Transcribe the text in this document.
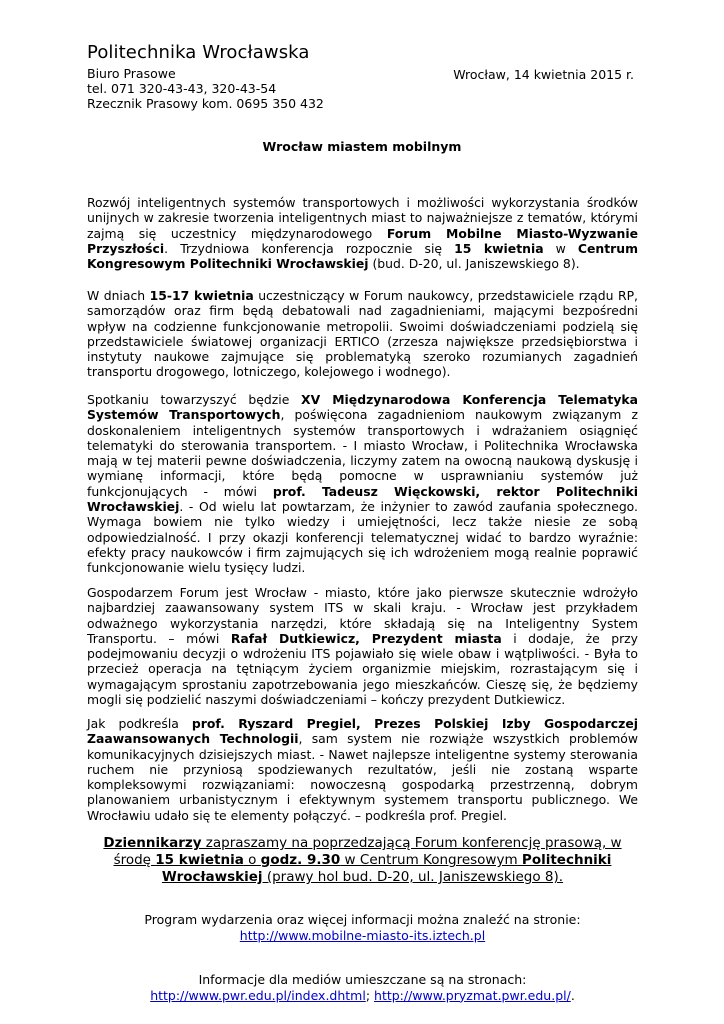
Politechnika Wrocławska
Biuro Prasowe
tel. 071 320-43-43, 320-43-54
Rzecznik Prasowy kom. 0695 350 432
Wrocław, 14 kwietnia 2015 r.
Wrocław miastem mobilnym
Rozwój inteligentnych systemów transportowych i możliwości wykorzystania środków unijnych w zakresie tworzenia inteligentnych miast to najważniejsze z tematów, którymi zajmą się uczestnicy międzynarodowego Forum Mobilne Miasto-Wyzwanie Przyszłości. Trzydniowa konferencja rozpocznie się 15 kwietnia w Centrum Kongresowym Politechniki Wrocławskiej (bud. D-20, ul. Janiszewskiego 8).
W dniach 15-17 kwietnia uczestniczący w Forum naukowcy, przedstawiciele rządu RP, samorządów oraz firm będą debatowali nad zagadnieniami, mającymi bezpośredni wpływ na codzienne funkcjonowanie metropolii. Swoimi doświadczeniami podzielą się przedstawiciele światowej organizacji ERTICO (zrzesza największe przedsiębiorstwa i instytuty naukowe zajmujące się problematyką szeroko rozumianych zagadnień transportu drogowego, lotniczego, kolejowego i wodnego).
Spotkaniu towarzyszyć będzie XV Międzynarodowa Konferencja Telematyka Systemów Transportowych, poświęcona zagadnieniom naukowym związanym z doskonaleniem inteligentnych systemów transportowych i wdrażaniem osiągnięć telematyki do sterowania transportem. - I miasto Wrocław, i Politechnika Wrocławska mają w tej materii pewne doświadczenia, liczymy zatem na owocną naukową dyskusję i wymianę informacji, które będą pomocne w usprawnianiu systemów już funkcjonujących - mówi prof. Tadeusz Więckowski, rektor Politechniki Wrocławskiej. - Od wielu lat powtarzam, że inżynier to zawód zaufania społecznego. Wymaga bowiem nie tylko wiedzy i umiejętności, lecz także niesie ze sobą odpowiedzialność. I przy okazji konferencji telematycznej widać to bardzo wyraźnie: efekty pracy naukowców i firm zajmujących się ich wdrożeniem mogą realnie poprawić funkcjonowanie wielu tysięcy ludzi.
Gospodarzem Forum jest Wrocław - miasto, które jako pierwsze skutecznie wdrożyło najbardziej zaawansowany system ITS w skali kraju. - Wrocław jest przykładem odważnego wykorzystania narzędzi, które składają się na Inteligentny System Transportu. – mówi Rafał Dutkiewicz, Prezydent miasta i dodaje, że przy podejmowaniu decyzji o wdrożeniu ITS pojawiało się wiele obaw i wątpliwości. - Była to przecież operacja na tętniącym życiem organizmie miejskim, rozrastającym się i wymagającym sprostaniu zapotrzebowania jego mieszkańców. Cieszę się, że będziemy mogli się podzielić naszymi doświadczeniami – kończy prezydent Dutkiewicz.
Jak podkreśla prof. Ryszard Pregiel, Prezes Polskiej Izby Gospodarczej Zaawansowanych Technologii, sam system nie rozwiąże wszystkich problemów komunikacyjnych dzisiejszych miast. - Nawet najlepsze inteligentne systemy sterowania ruchem nie przyniosą spodziewanych rezultatów, jeśli nie zostaną wsparte kompleksowymi rozwiązaniami: nowoczesną gospodarką przestrzenną, dobrym planowaniem urbanistycznym i efektywnym systemem transportu publicznego. We Wrocławiu udało się te elementy połączyć. – podkreśla prof. Pregiel.
Dziennikarzy zapraszamy na poprzedzającą Forum konferencję prasową, w środę 15 kwietnia o godz. 9.30 w Centrum Kongresowym Politechniki Wrocławskiej (prawy hol bud. D-20, ul. Janiszewskiego 8).
Program wydarzenia oraz więcej informacji można znaleźć na stronie:
http://www.mobilne-miasto-its.iztech.pl
Informacje dla mediów umieszczane są na stronach:
http://www.pwr.edu.pl/index.dhtml; http://www.pryzmat.pwr.edu.pl/.
